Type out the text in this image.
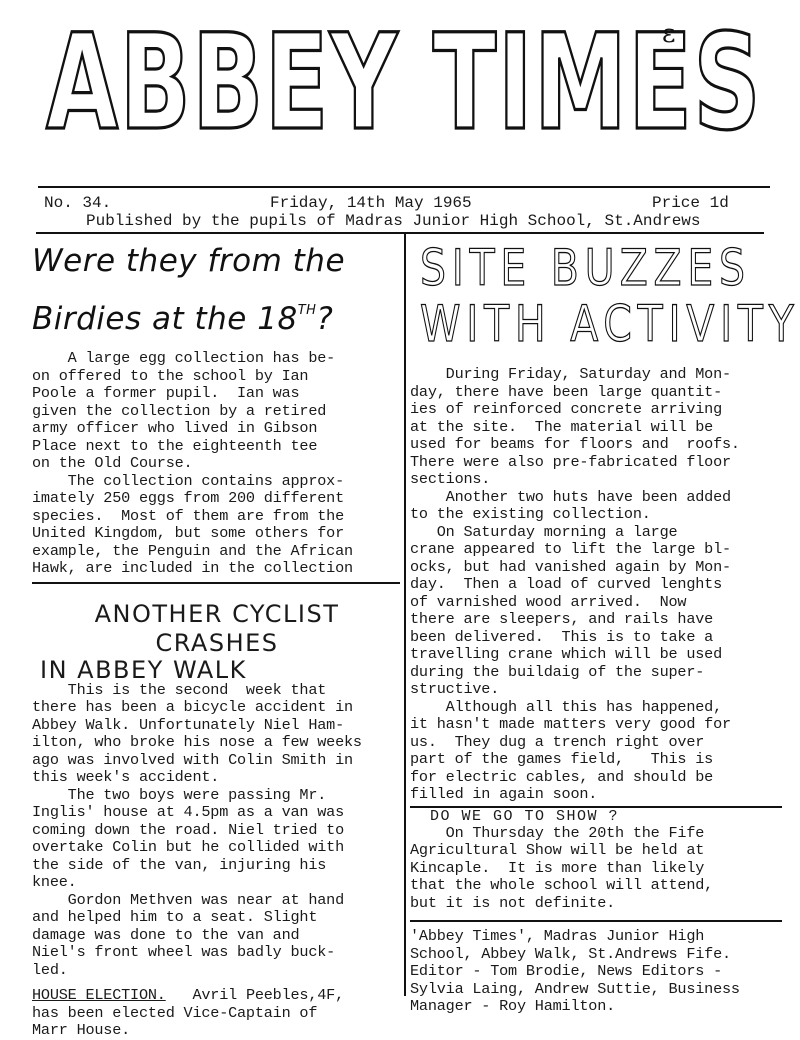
ABBEY TIMES
ε
No. 34.	Friday, 14th May 1965	Price 1d
Published by the pupils of Madras Junior High School, St.Andrews

Were they from the
Birdies at the 18TH?

A large egg collection has be-
on offered to the school by Ian
Poole a former pupil.  Ian was
given the collection by a retired
army officer who lived in Gibson
Place next to the eighteenth tee
on the Old Course.
The collection contains approx-
imately 250 eggs from 200 different
species.  Most of them are from the
United Kingdom, but some others for
example, the Penguin and the African
Hawk, are included in the collection

ANOTHER CYCLIST
CRASHES
IN ABBEY WALK

This is the second  week that
there has been a bicycle accident in
Abbey Walk. Unfortunately Niel Ham-
ilton, who broke his nose a few weeks
ago was involved with Colin Smith in
this week's accident.
The two boys were passing Mr.
Inglis' house at 4.5pm as a van was
coming down the road. Niel tried to
overtake Colin but he collided with
the side of the van, injuring his
knee.
Gordon Methven was near at hand
and helped him to a seat. Slight
damage was done to the van and
Niel's front wheel was badly buck-
led.

HOUSE ELECTION.   Avril Peebles,4F,
has been elected Vice-Captain of
Marr House.

SITE BUZZES
WITH ACTIVITY

During Friday, Saturday and Mon-
day, there have been large quantit-
ies of reinforced concrete arriving
at the site.  The material will be
used for beams for floors and  roofs.
There were also pre-fabricated floor
sections.
Another two huts have been added
to the existing collection.
On Saturday morning a large
crane appeared to lift the large bl-
ocks, but had vanished again by Mon-
day.  Then a load of curved lenghts
of varnished wood arrived.  Now
there are sleepers, and rails have
been delivered.  This is to take a
travelling crane which will be used
during the buildaig of the super-
structive.
Although all this has happened,
it hasn't made matters very good for
us.  They dug a trench right over
part of the games field,   This is
for electric cables, and should be
filled in again soon.

DO WE GO TO SHOW ?

On Thursday the 20th the Fife
Agricultural Show will be held at
Kincaple.  It is more than likely
that the whole school will attend,
but it is not definite.

'Abbey Times', Madras Junior High
School, Abbey Walk, St.Andrews Fife.
Editor - Tom Brodie, News Editors -
Sylvia Laing, Andrew Suttie, Business
Manager - Roy Hamilton.
